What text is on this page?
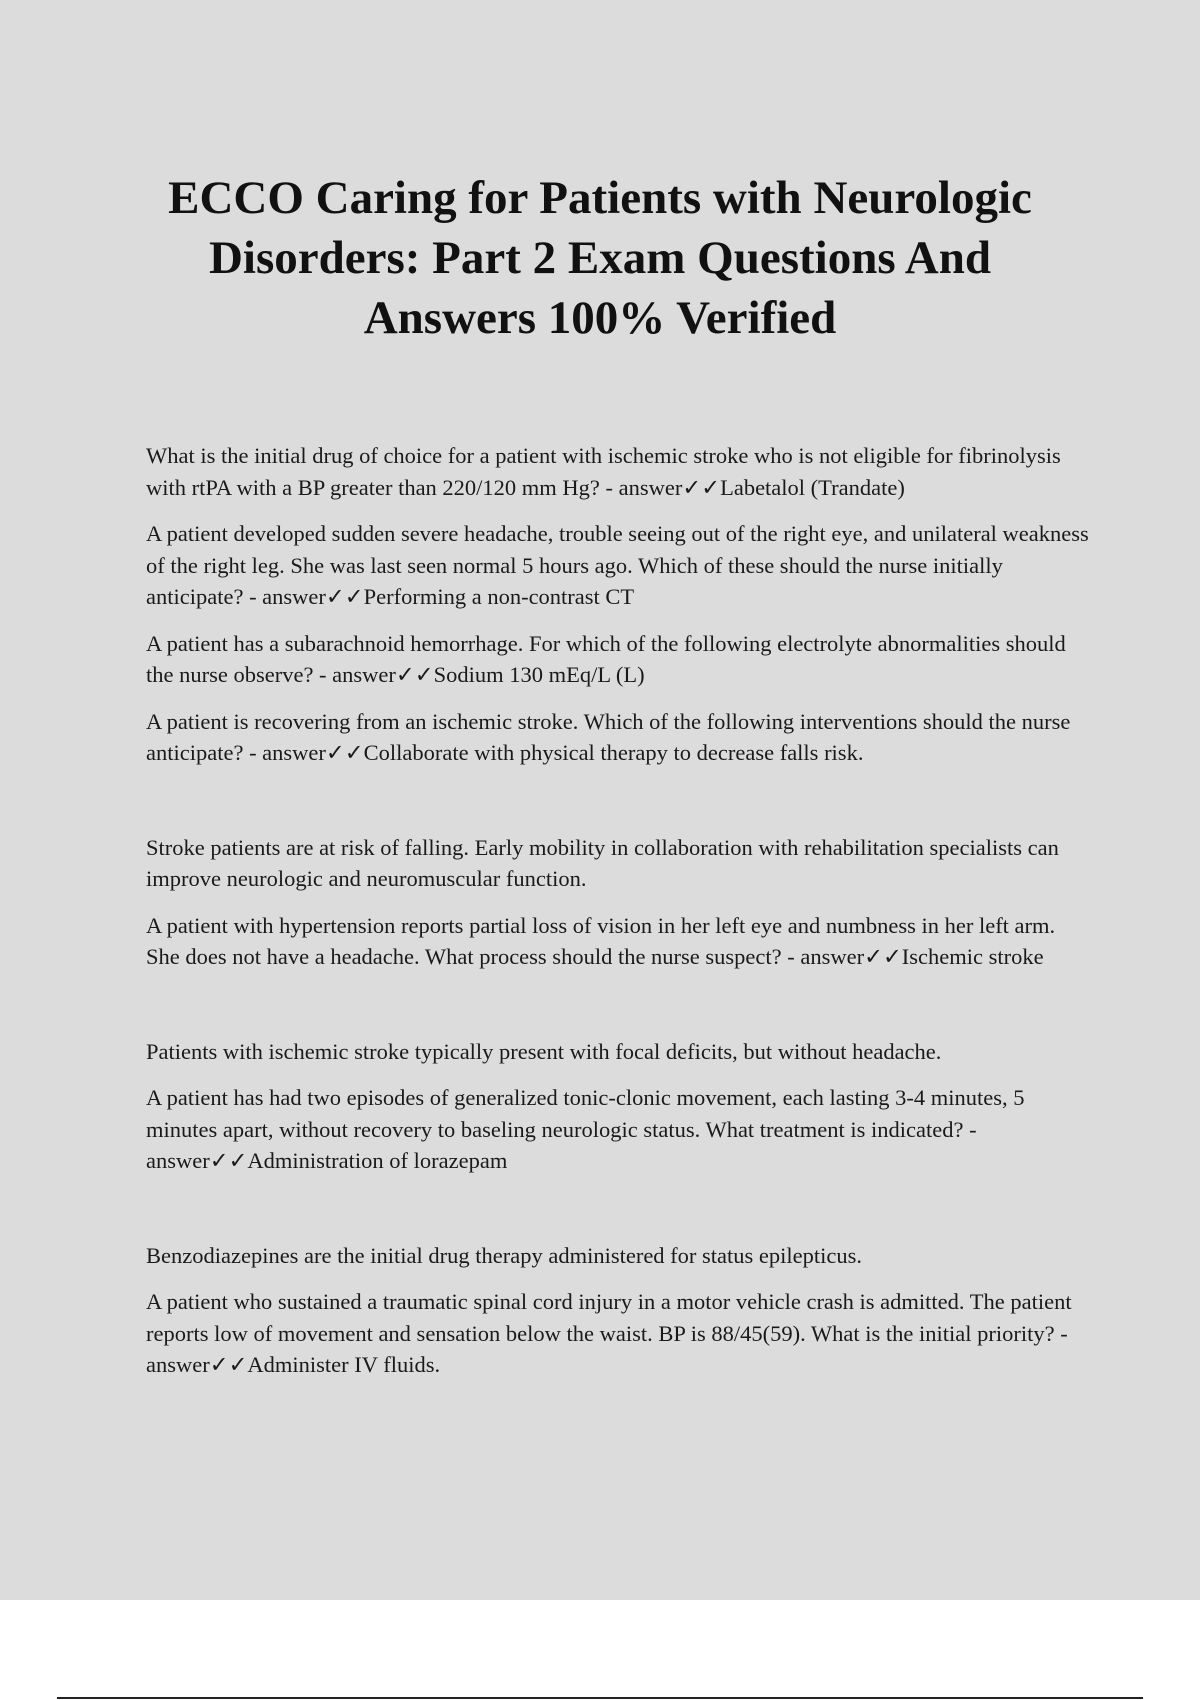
ECCO Caring for Patients with Neurologic Disorders: Part 2 Exam Questions And Answers 100% Verified

What is the initial drug of choice for a patient with ischemic stroke who is not eligible for fibrinolysis with rtPA with a BP greater than 220/120 mm Hg? - answer✓✓Labetalol (Trandate)

A patient developed sudden severe headache, trouble seeing out of the right eye, and unilateral weakness of the right leg. She was last seen normal 5 hours ago. Which of these should the nurse initially anticipate? - answer✓✓Performing a non-contrast CT

A patient has a subarachnoid hemorrhage. For which of the following electrolyte abnormalities should the nurse observe? - answer✓✓Sodium 130 mEq/L (L)

A patient is recovering from an ischemic stroke. Which of the following interventions should the nurse anticipate? - answer✓✓Collaborate with physical therapy to decrease falls risk.

Stroke patients are at risk of falling. Early mobility in collaboration with rehabilitation specialists can improve neurologic and neuromuscular function.

A patient with hypertension reports partial loss of vision in her left eye and numbness in her left arm. She does not have a headache. What process should the nurse suspect? - answer✓✓Ischemic stroke

Patients with ischemic stroke typically present with focal deficits, but without headache.

A patient has had two episodes of generalized tonic-clonic movement, each lasting 3-4 minutes, 5 minutes apart, without recovery to baseling neurologic status. What treatment is indicated? - answer✓✓Administration of lorazepam

Benzodiazepines are the initial drug therapy administered for status epilepticus.

A patient who sustained a traumatic spinal cord injury in a motor vehicle crash is admitted. The patient reports low of movement and sensation below the waist. BP is 88/45(59). What is the initial priority? - answer✓✓Administer IV fluids.
